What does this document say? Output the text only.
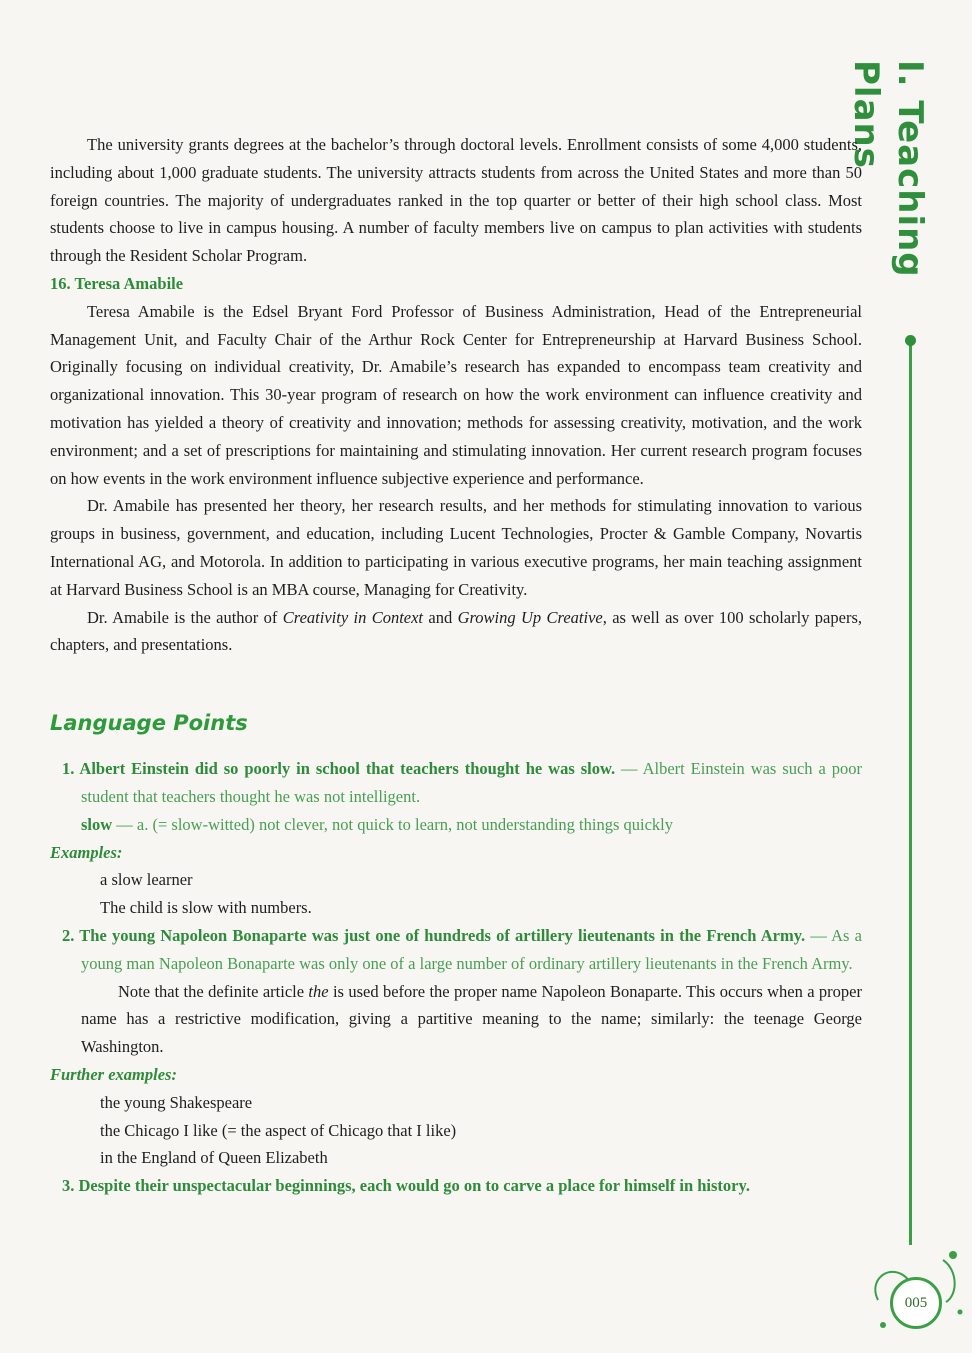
I. Teaching Plans

The university grants degrees at the bachelor’s through doctoral levels. Enrollment consists of some 4,000 students, including about 1,000 graduate students. The university attracts students from across the United States and more than 50 foreign countries. The majority of undergraduates ranked in the top quarter or better of their high school class. Most students choose to live in campus housing. A number of faculty members live on campus to plan activities with students through the Resident Scholar Program.

16. Teresa Amabile

Teresa Amabile is the Edsel Bryant Ford Professor of Business Administration, Head of the Entrepreneurial Management Unit, and Faculty Chair of the Arthur Rock Center for Entrepreneurship at Harvard Business School. Originally focusing on individual creativity, Dr. Amabile’s research has expanded to encompass team creativity and organizational innovation. This 30-year program of research on how the work environment can influence creativity and motivation has yielded a theory of creativity and innovation; methods for assessing creativity, motivation, and the work environment; and a set of prescriptions for maintaining and stimulating innovation. Her current research program focuses on how events in the work environment influence subjective experience and performance.

Dr. Amabile has presented her theory, her research results, and her methods for stimulating innovation to various groups in business, government, and education, including Lucent Technologies, Procter & Gamble Company, Novartis International AG, and Motorola. In addition to participating in various executive programs, her main teaching assignment at Harvard Business School is an MBA course, Managing for Creativity.

Dr. Amabile is the author of Creativity in Context and Growing Up Creative, as well as over 100 scholarly papers, chapters, and presentations.

Language Points

1. Albert Einstein did so poorly in school that teachers thought he was slow. — Albert Einstein was such a poor student that teachers thought he was not intelligent.

slow — a. (= slow-witted) not clever, not quick to learn, not understanding things quickly

Examples:

a slow learner

The child is slow with numbers.

2. The young Napoleon Bonaparte was just one of hundreds of artillery lieutenants in the French Army. — As a young man Napoleon Bonaparte was only one of a large number of ordinary artillery lieutenants in the French Army.

Note that the definite article the is used before the proper name Napoleon Bonaparte. This occurs when a proper name has a restrictive modification, giving a partitive meaning to the name; similarly: the teenage George Washington.

Further examples:

the young Shakespeare

the Chicago I like (= the aspect of Chicago that I like)

in the England of Queen Elizabeth

3. Despite their unspectacular beginnings, each would go on to carve a place for himself in history.

005
